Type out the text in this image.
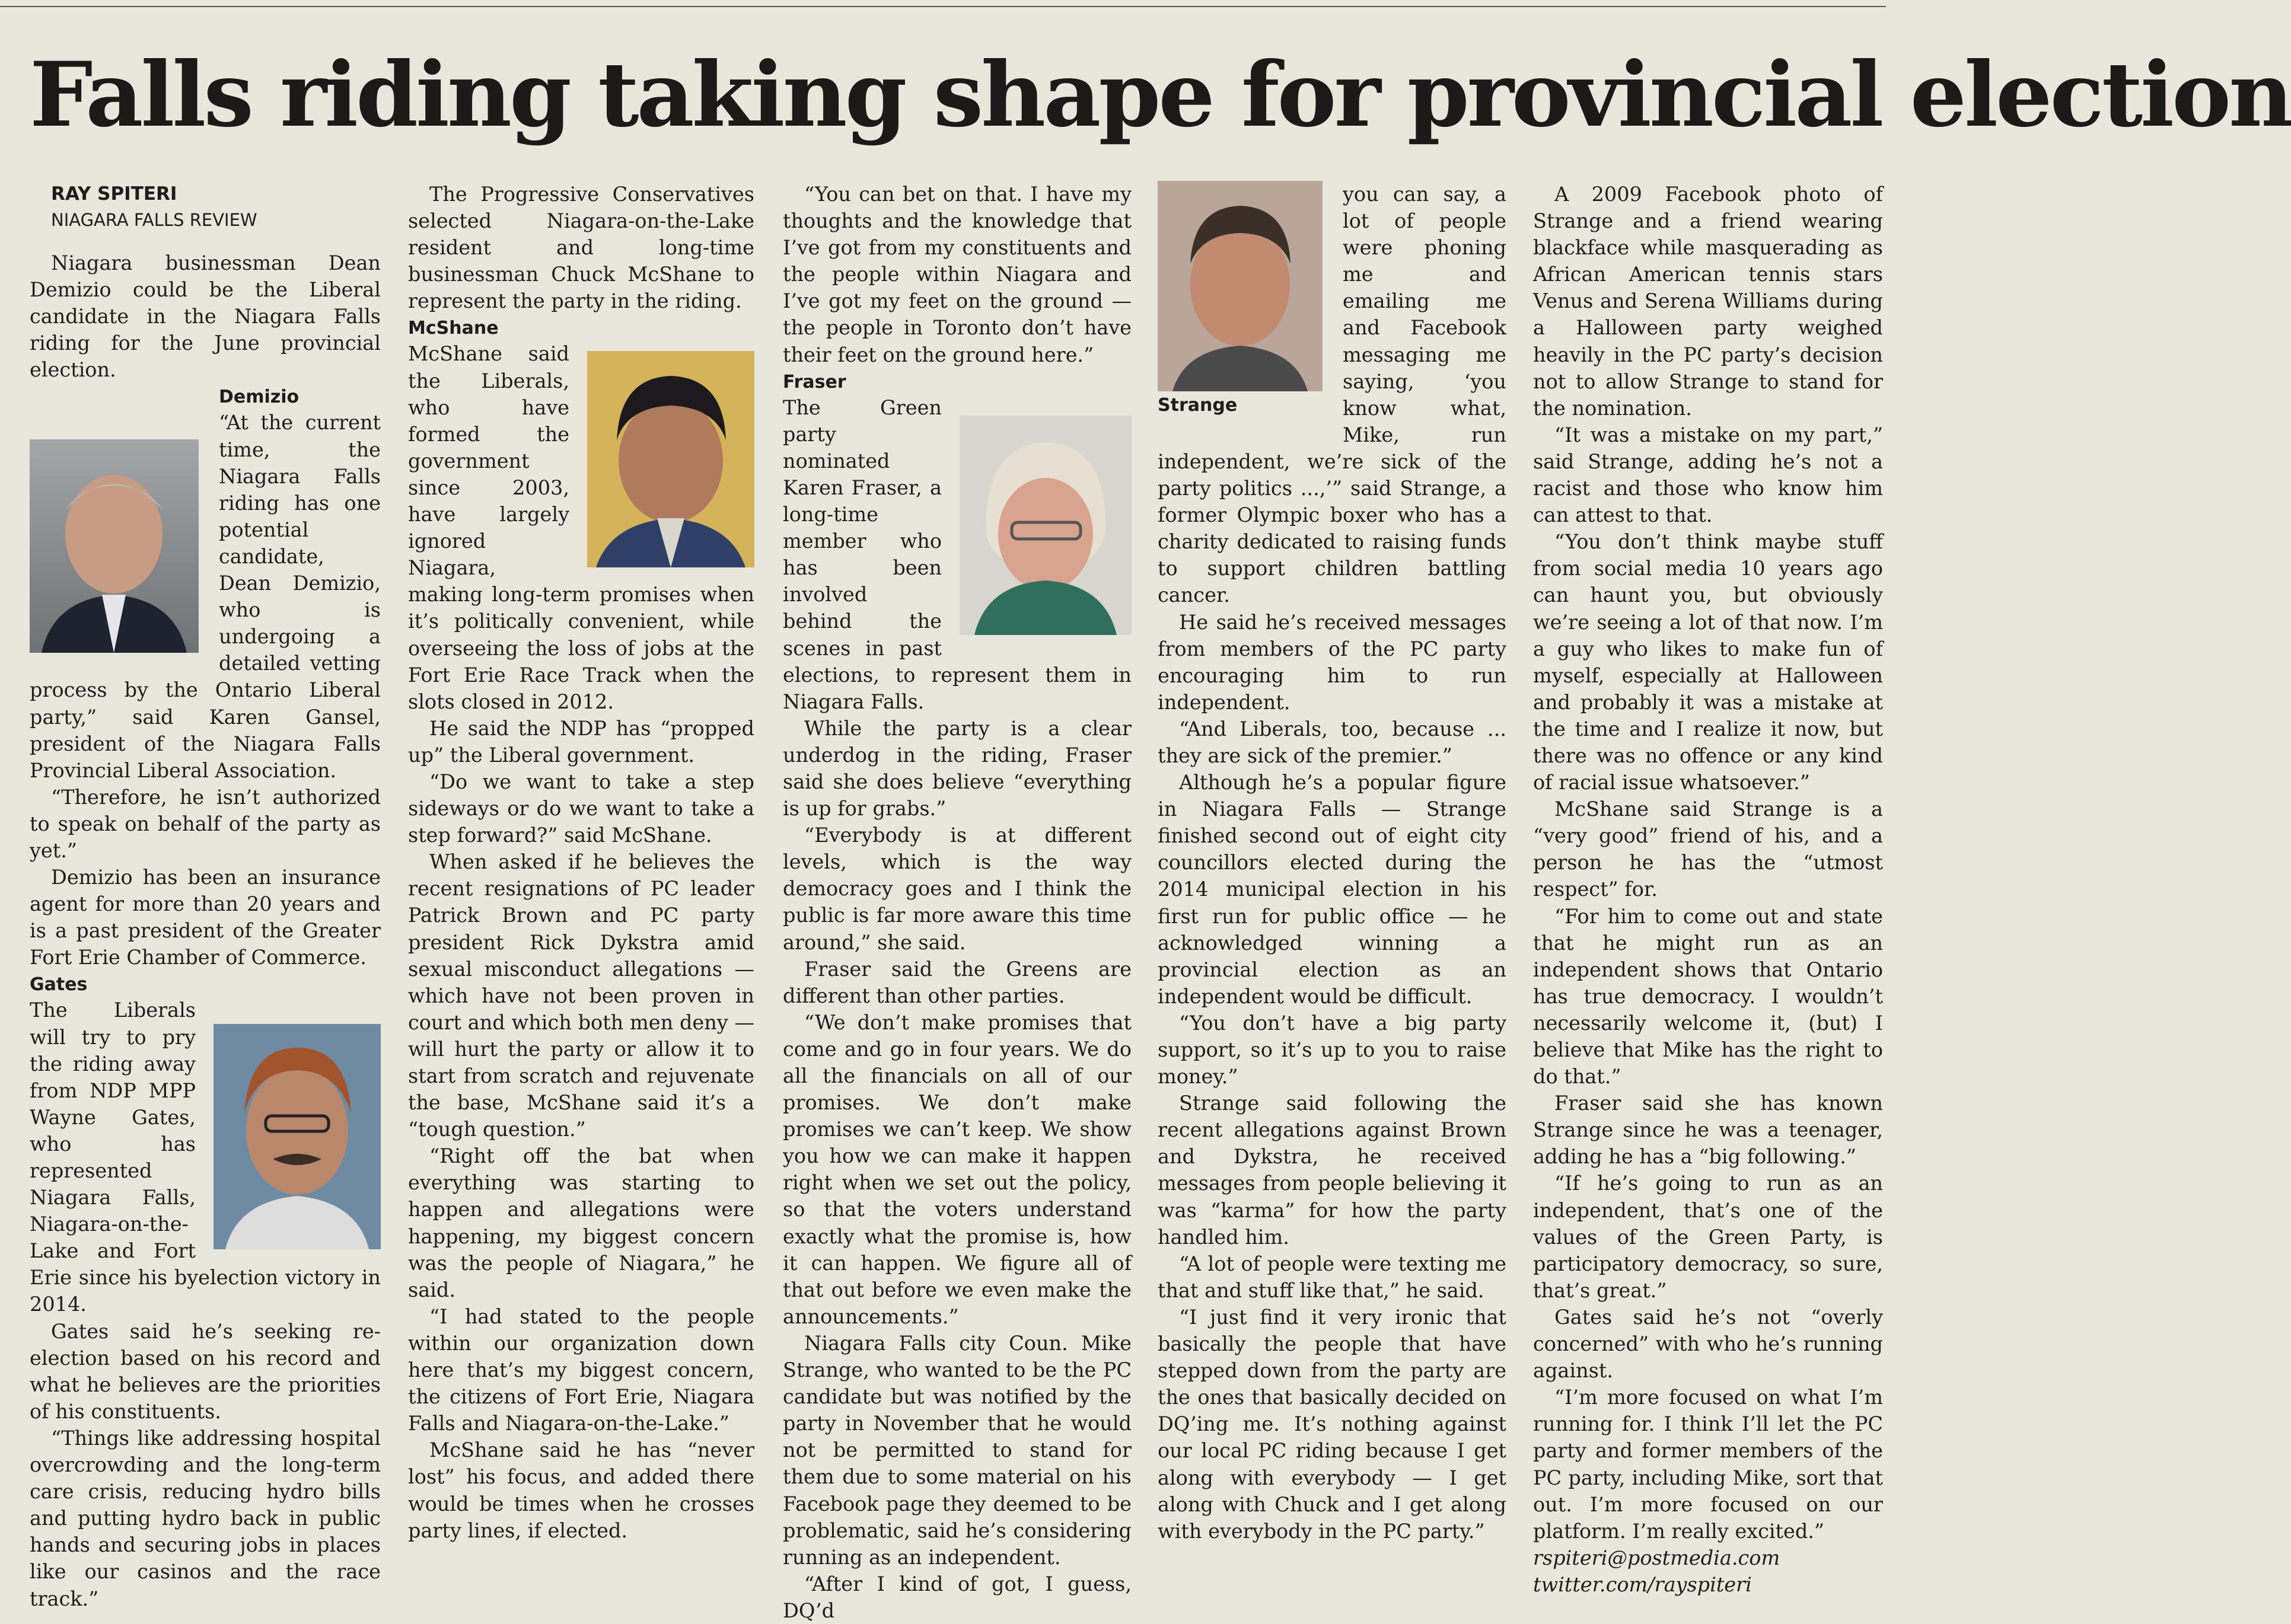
Falls riding taking shape for provincial election

RAY SPITERI

NIAGARA FALLS REVIEW

Niagara businessman Dean Demizio could be the Liberal candidate in the Niagara Falls riding for the June provincial election.

Demizio
“At the current time, the Niagara Falls riding has one potential candidate, Dean Demizio, who is undergoing a detailed vetting process by the Ontario Liberal party,” said Karen Gansel, president of the Niagara Falls Provincial Liberal Association.

“Therefore, he isn’t authorized to speak on behalf of the party as yet.”

Demizio has been an insurance agent for more than 20 years and is a past president of the Greater Fort Erie Chamber of Commerce.

Gates
The Liberals will try to pry the riding away from NDP MPP Wayne Gates, who has represented Niagara Falls, Niagara-on-the-Lake and Fort Erie since his byelection victory in 2014.

Gates said he’s seeking re-election based on his record and what he believes are the priorities of his constituents.

“Things like addressing hospital overcrowding and the long-term care crisis, reducing hydro bills and putting hydro back in public hands and securing jobs in places like our casinos and the race track.”

The Progressive Conservatives selected Niagara-on-the-Lake resident and long-time businessman Chuck McShane to represent the party in the riding.

McShane
McShane said the Liberals, who have formed the government since 2003, have largely ignored Niagara, making long-term promises when it’s politically convenient, while overseeing the loss of jobs at the Fort Erie Race Track when the slots closed in 2012.

He said the NDP has “propped up” the Liberal government.

“Do we want to take a step sideways or do we want to take a step forward?” said McShane.

When asked if he believes the recent resignations of PC leader Patrick Brown and PC party president Rick Dykstra amid sexual misconduct allegations — which have not been proven in court and which both men deny — will hurt the party or allow it to start from scratch and rejuvenate the base, McShane said it’s a “tough question.”

“Right off the bat when everything was starting to happen and allegations were happening, my biggest concern was the people of Niagara,” he said.

“I had stated to the people within our organization down here that’s my biggest concern, the citizens of Fort Erie, Niagara Falls and Niagara-on-the-Lake.”

McShane said he has “never lost” his focus, and added there would be times when he crosses party lines, if elected.

“You can bet on that. I have my thoughts and the knowledge that I’ve got from my constituents and the people within Niagara and I’ve got my feet on the ground — the people in Toronto don’t have their feet on the ground here.”

Fraser
The Green party nominated Karen Fraser, a long-time member who has been involved behind the scenes in past elections, to represent them in Niagara Falls.

While the party is a clear underdog in the riding, Fraser said she does believe “everything is up for grabs.”

“Everybody is at different levels, which is the way democracy goes and I think the public is far more aware this time around,” she said.

Fraser said the Greens are different than other parties.

“We don’t make promises that come and go in four years. We do all the financials on all of our promises. We don’t make promises we can’t keep. We show you how we can make it happen right when we set out the policy, so that the voters understand exactly what the promise is, how it can happen. We figure all of that out before we even make the announcements.”

Niagara Falls city Coun. Mike Strange, who wanted to be the PC candidate but was notified by the party in November that he would not be permitted to stand for them due to some material on his Facebook page they deemed to be problematic, said he’s considering running as an independent.

“After I kind of got, I guess, DQ’d

Strange

you can say, a lot of people were phoning me and emailing me and Facebook messaging me saying, ‘you know what, Mike, run independent, we’re sick of the party politics ...,’” said Strange, a former Olympic boxer who has a charity dedicated to raising funds to support children battling cancer.

He said he’s received messages from members of the PC party encouraging him to run independent.

“And Liberals, too, because ... they are sick of the premier.”

Although he’s a popular figure in Niagara Falls — Strange finished second out of eight city councillors elected during the 2014 municipal election in his first run for public office — he acknowledged winning a provincial election as an independent would be difficult.

“You don’t have a big party support, so it’s up to you to raise money.”

Strange said following the recent allegations against Brown and Dykstra, he received messages from people believing it was “karma” for how the party handled him.

“A lot of people were texting me that and stuff like that,” he said.

“I just find it very ironic that basically the people that have stepped down from the party are the ones that basically decided on DQ’ing me. It’s nothing against our local PC riding because I get along with everybody — I get along with Chuck and I get along with everybody in the PC party.”

A 2009 Facebook photo of Strange and a friend wearing blackface while masquerading as African American tennis stars Venus and Serena Williams during a Halloween party weighed heavily in the PC party’s decision not to allow Strange to stand for the nomination.

“It was a mistake on my part,” said Strange, adding he’s not a racist and those who know him can attest to that.

“You don’t think maybe stuff from social media 10 years ago can haunt you, but obviously we’re seeing a lot of that now. I’m a guy who likes to make fun of myself, especially at Halloween and probably it was a mistake at the time and I realize it now, but there was no offence or any kind of racial issue whatsoever.”

McShane said Strange is a “very good” friend of his, and a person he has the “utmost respect” for.

“For him to come out and state that he might run as an independent shows that Ontario has true democracy. I wouldn’t necessarily welcome it, (but) I believe that Mike has the right to do that.”

Fraser said she has known Strange since he was a teenager, adding he has a “big following.”

“If he’s going to run as an independent, that’s one of the values of the Green Party, is participatory democracy, so sure, that’s great.”

Gates said he’s not “overly concerned” with who he’s running against.

“I’m more focused on what I’m running for. I think I’ll let the PC party and former members of the PC party, including Mike, sort that out. I’m more focused on our platform. I’m really excited.”

rspiteri@postmedia.com

twitter.com/rayspiteri
